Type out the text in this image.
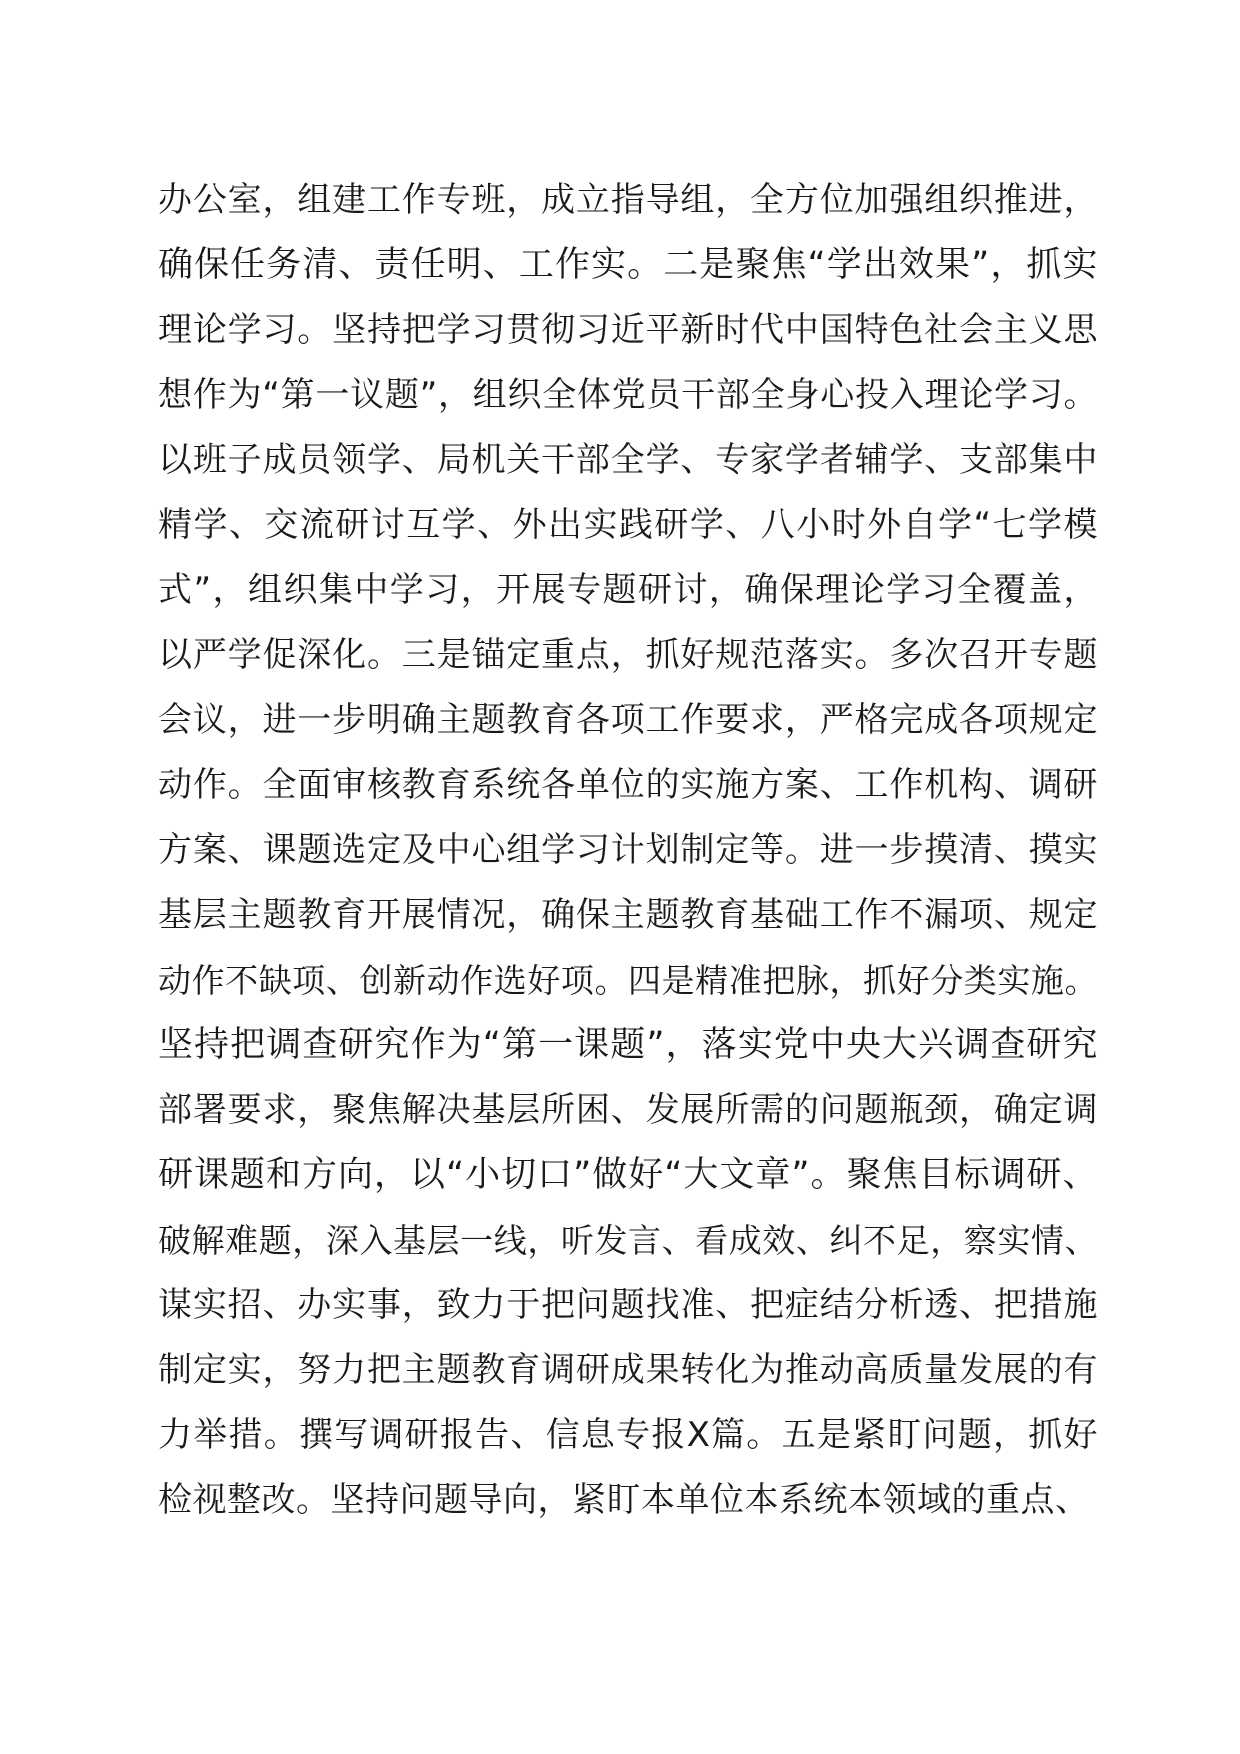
办公室，组建工作专班，成立指导组，全方位加强组织推进，
确保任务清、责任明、工作实。二是聚焦“学出效果”，抓实
理论学习。坚持把学习贯彻习近平新时代中国特色社会主义思
想作为“第一议题”，组织全体党员干部全身心投入理论学习。
以班子成员领学、局机关干部全学、专家学者辅学、支部集中
精学、交流研讨互学、外出实践研学、八小时外自学“七学模
式”，组织集中学习，开展专题研讨，确保理论学习全覆盖，
以严学促深化。三是锚定重点，抓好规范落实。多次召开专题
会议，进一步明确主题教育各项工作要求，严格完成各项规定
动作。全面审核教育系统各单位的实施方案、工作机构、调研
方案、课题选定及中心组学习计划制定等。进一步摸清、摸实
基层主题教育开展情况，确保主题教育基础工作不漏项、规定
动作不缺项、创新动作选好项。四是精准把脉，抓好分类实施。
坚持把调查研究作为“第一课题”，落实党中央大兴调查研究
部署要求，聚焦解决基层所困、发展所需的问题瓶颈，确定调
研课题和方向，以“小切口”做好“大文章”。聚焦目标调研、
破解难题，深入基层一线，听发言、看成效、纠不足，察实情、
谋实招、办实事，致力于把问题找准、把症结分析透、把措施
制定实，努力把主题教育调研成果转化为推动高质量发展的有
力举措。撰写调研报告、信息专报X篇。五是紧盯问题，抓好
检视整改。坚持问题导向，紧盯本单位本系统本领域的重点、
